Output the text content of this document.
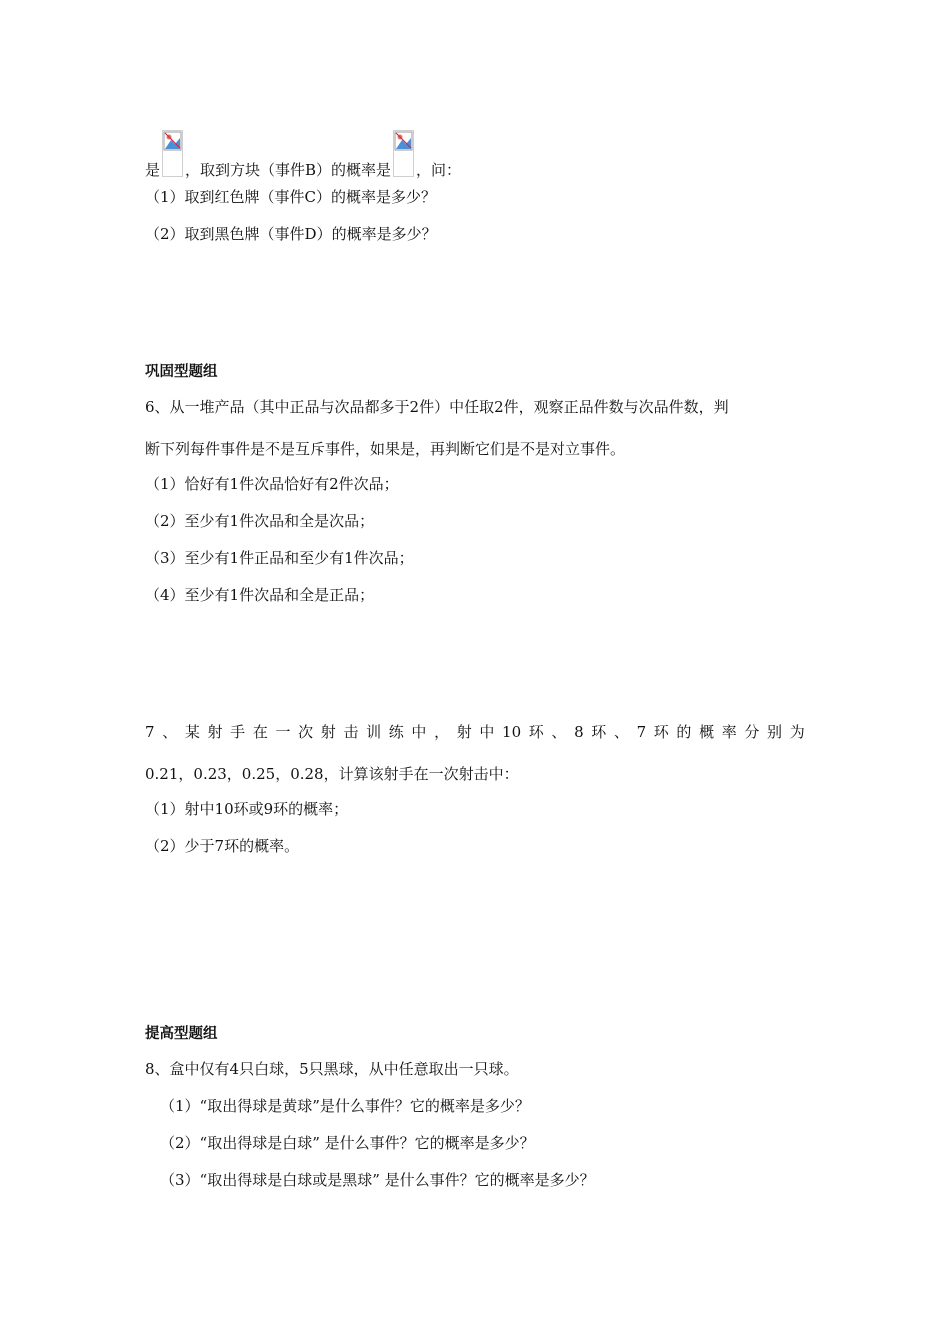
是 ，取到方块（事件B）的概率是 ，问：
（1）取到红色牌（事件C）的概率是多少？
（2）取到黑色牌（事件D）的概率是多少？
巩固型题组
6、从一堆产品（其中正品与次品都多于2件）中任取2件，观察正品件数与次品件数，判
断下列每件事件是不是互斥事件，如果是，再判断它们是不是对立事件。
（1）恰好有1件次品恰好有2件次品；
（2）至少有1件次品和全是次品；
（3）至少有1件正品和至少有1件次品；
（4）至少有1件次品和全是正品；
7 、 某 射 手 在 一 次 射 击 训 练 中 ， 射 中 10 环 、 8 环 、 7 环 的 概 率 分 别 为
0.21，0.23，0.25，0.28，计算该射手在一次射击中：
（1）射中10环或9环的概率；
（2）少于7环的概率。
提高型题组
8、盒中仅有4只白球，5只黑球，从中任意取出一只球。
（1）“取出得球是黄球”是什么事件？它的概率是多少？
（2）“取出得球是白球” 是什么事件？它的概率是多少？
（3）“取出得球是白球或是黑球” 是什么事件？它的概率是多少？
